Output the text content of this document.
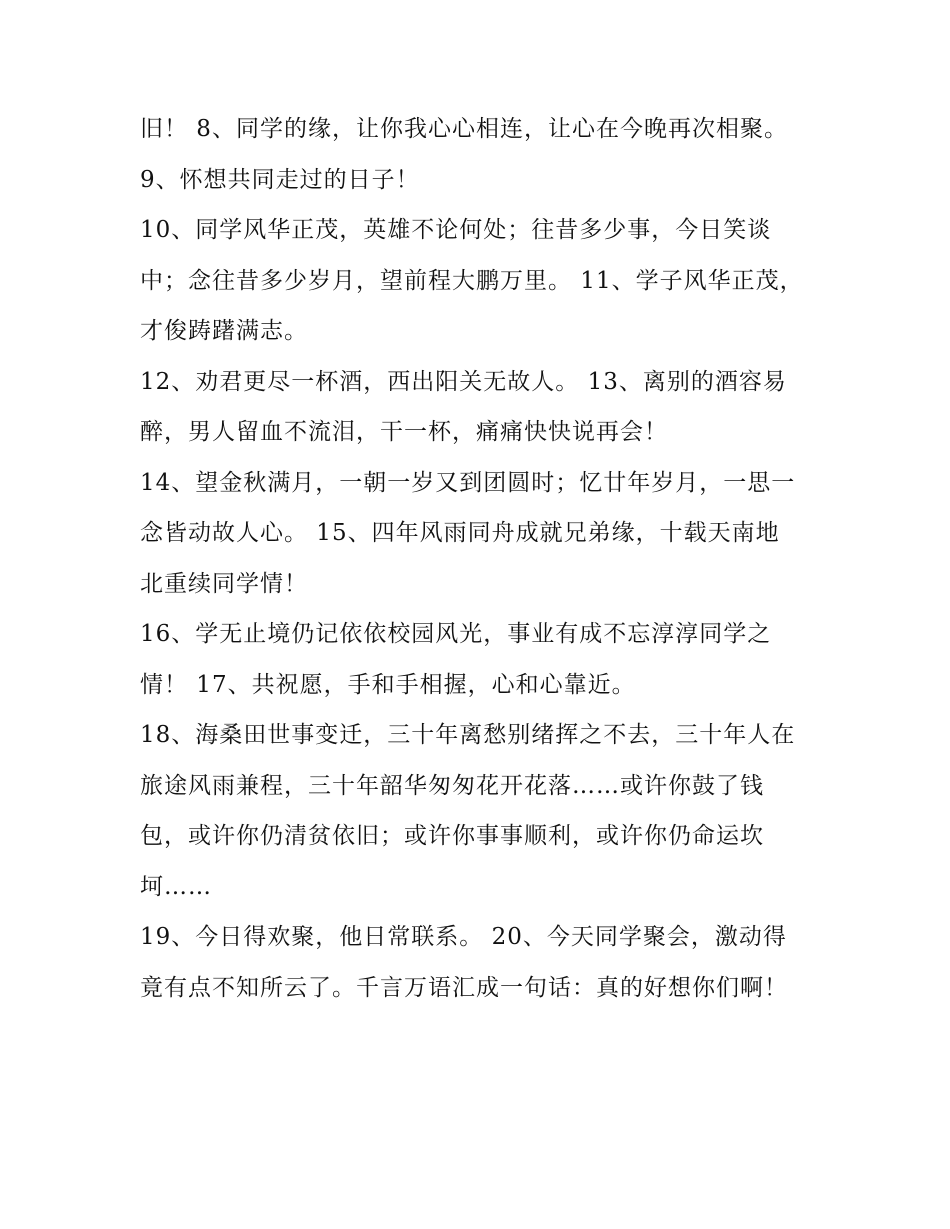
旧！ 8、同学的缘，让你我心心相连，让心在今晚再次相聚。
9、怀想共同走过的日子！
10、同学风华正茂，英雄不论何处；往昔多少事，今日笑谈
中；念往昔多少岁月，望前程大鹏万里。 11、学子风华正茂，
才俊踌躇满志。
12、劝君更尽一杯酒，西出阳关无故人。 13、离别的酒容易
醉，男人留血不流泪，干一杯，痛痛快快说再会！
14、望金秋满月，一朝一岁又到团圆时；忆廿年岁月，一思一
念皆动故人心。 15、四年风雨同舟成就兄弟缘，十载天南地
北重续同学情！
16、学无止境仍记依依校园风光，事业有成不忘淳淳同学之
情！ 17、共祝愿，手和手相握，心和心靠近。
18、海桑田世事变迁，三十年离愁别绪挥之不去，三十年人在
旅途风雨兼程，三十年韶华匆匆花开花落……或许你鼓了钱
包，或许你仍清贫依旧；或许你事事顺利，或许你仍命运坎
坷……
19、今日得欢聚，他日常联系。 20、今天同学聚会，激动得
竟有点不知所云了。千言万语汇成一句话：真的好想你们啊！
